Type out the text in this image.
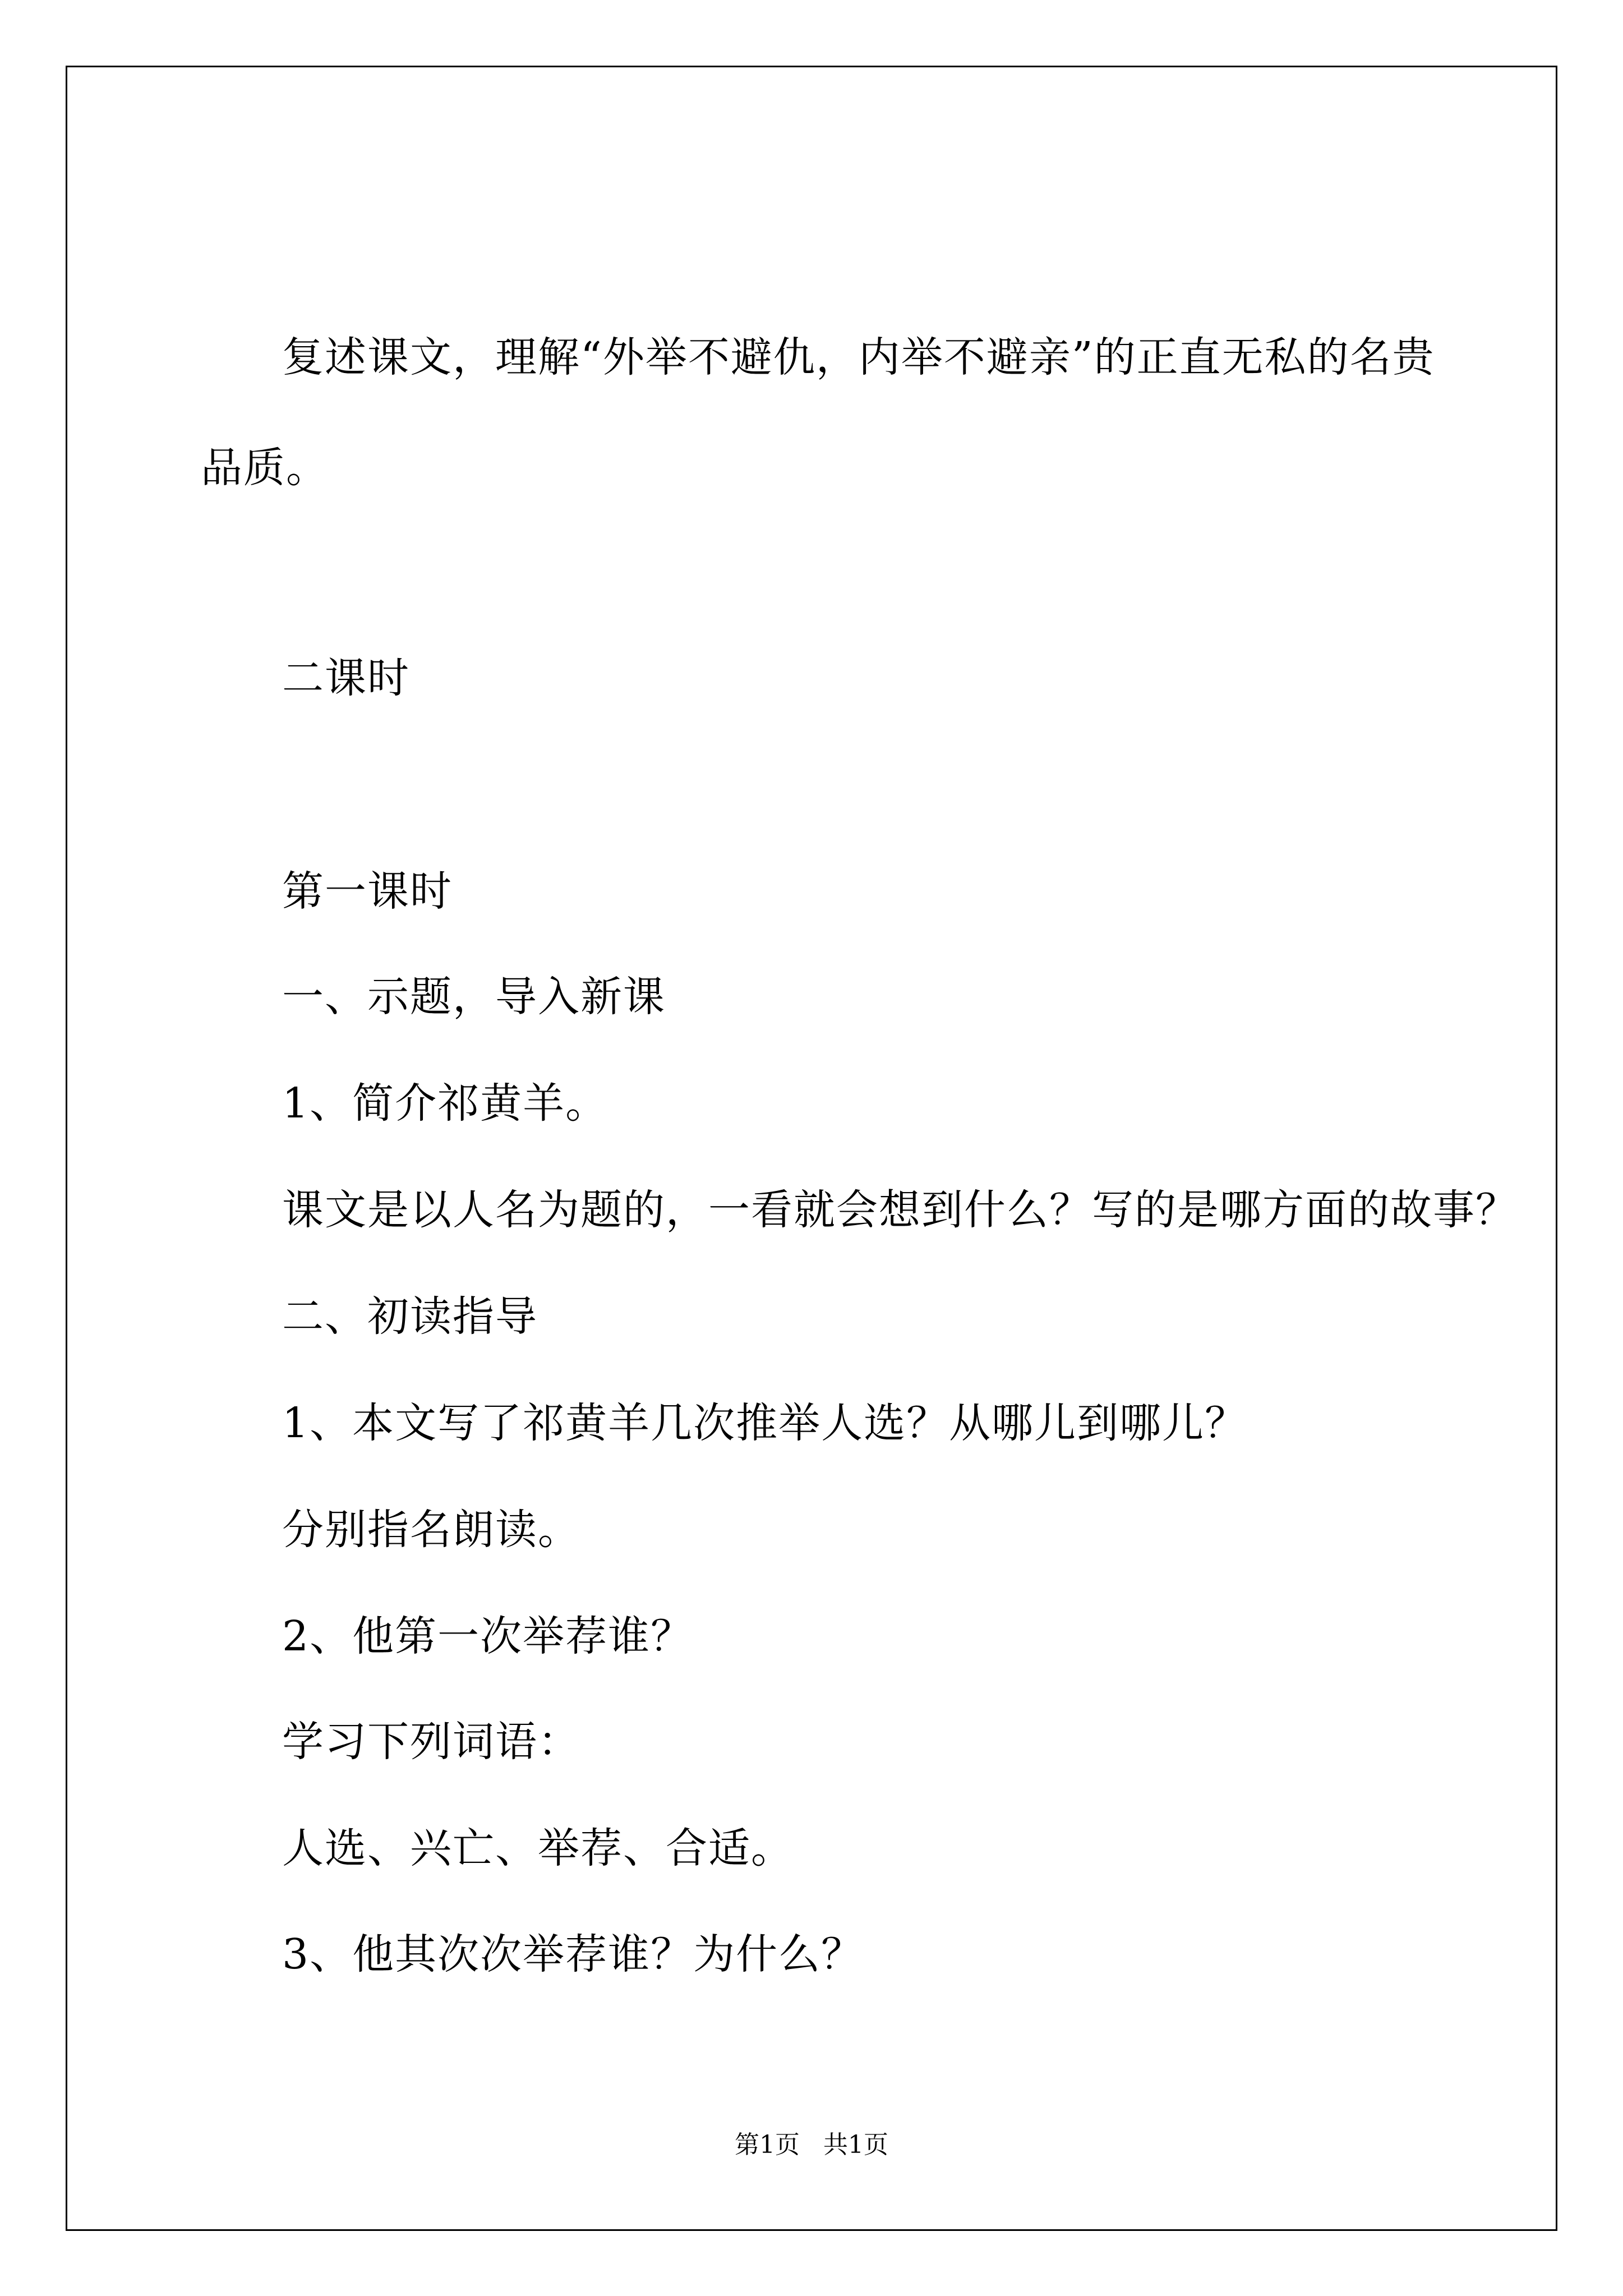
复述课文，理解“外举不避仇，内举不避亲”的正直无私的名贵
品质。
二课时
第一课时
一、示题，导入新课
1、简介祁黄羊。
课文是以人名为题的，一看就会想到什么？写的是哪方面的故事？
二、初读指导
1、本文写了祁黄羊几次推举人选？从哪儿到哪儿？
分别指名朗读。
2、他第一次举荐谁？
学习下列词语：
人选、兴亡、举荐、合适。
3、他其次次举荐谁？为什么？
第1页   共1页
